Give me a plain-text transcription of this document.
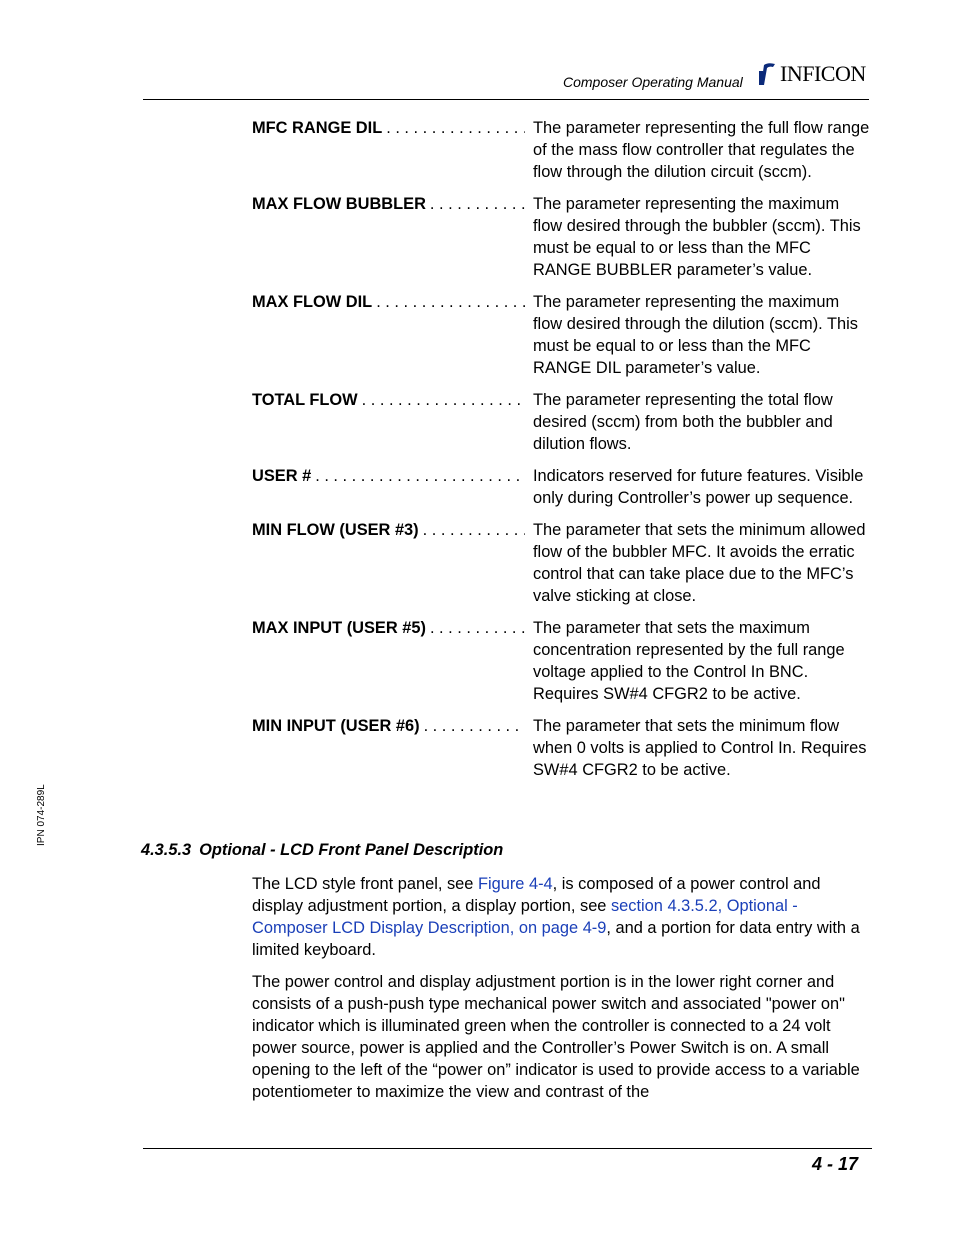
Composer Operating Manual INFICON
MFC RANGE DIL . . .	The parameter representing the full flow range of the mass flow controller that regulates the flow through the dilution circuit (sccm).
MAX FLOW BUBBLER . . .	The parameter representing the maximum flow desired through the bubbler (sccm). This must be equal to or less than the MFC RANGE BUBBLER parameter’s value.
MAX FLOW DIL . . .	The parameter representing the maximum flow desired through the dilution (sccm). This must be equal to or less than the MFC RANGE DIL parameter’s value.
TOTAL FLOW . . .	The parameter representing the total flow desired (sccm) from both the bubbler and dilution flows.
USER # . . .	Indicators reserved for future features. Visible only during Controller’s power up sequence.
MIN FLOW (USER #3) . . .	The parameter that sets the minimum allowed flow of the bubbler MFC. It avoids the erratic control that can take place due to the MFC’s valve sticking at close.
MAX INPUT (USER #5) . . .	The parameter that sets the maximum concentration represented by the full range voltage applied to the Control In BNC. Requires SW#4 CFGR2 to be active.
MIN INPUT (USER #6) . . .	The parameter that sets the minimum flow when 0 volts is applied to Control In. Requires SW#4 CFGR2 to be active.
4.3.5.3 Optional - LCD Front Panel Description
The LCD style front panel, see Figure 4-4, is composed of a power control and display adjustment portion, a display portion, see section 4.3.5.2, Optional - Composer LCD Display Description, on page 4-9, and a portion for data entry with a limited keyboard.
The power control and display adjustment portion is in the lower right corner and consists of a push-push type mechanical power switch and associated "power on" indicator which is illuminated green when the controller is connected to a 24 volt power source, power is applied and the Controller’s Power Switch is on. A small opening to the left of the “power on” indicator is used to provide access to a variable potentiometer to maximize the view and contrast of the
IPN 074-289L
4 - 17
